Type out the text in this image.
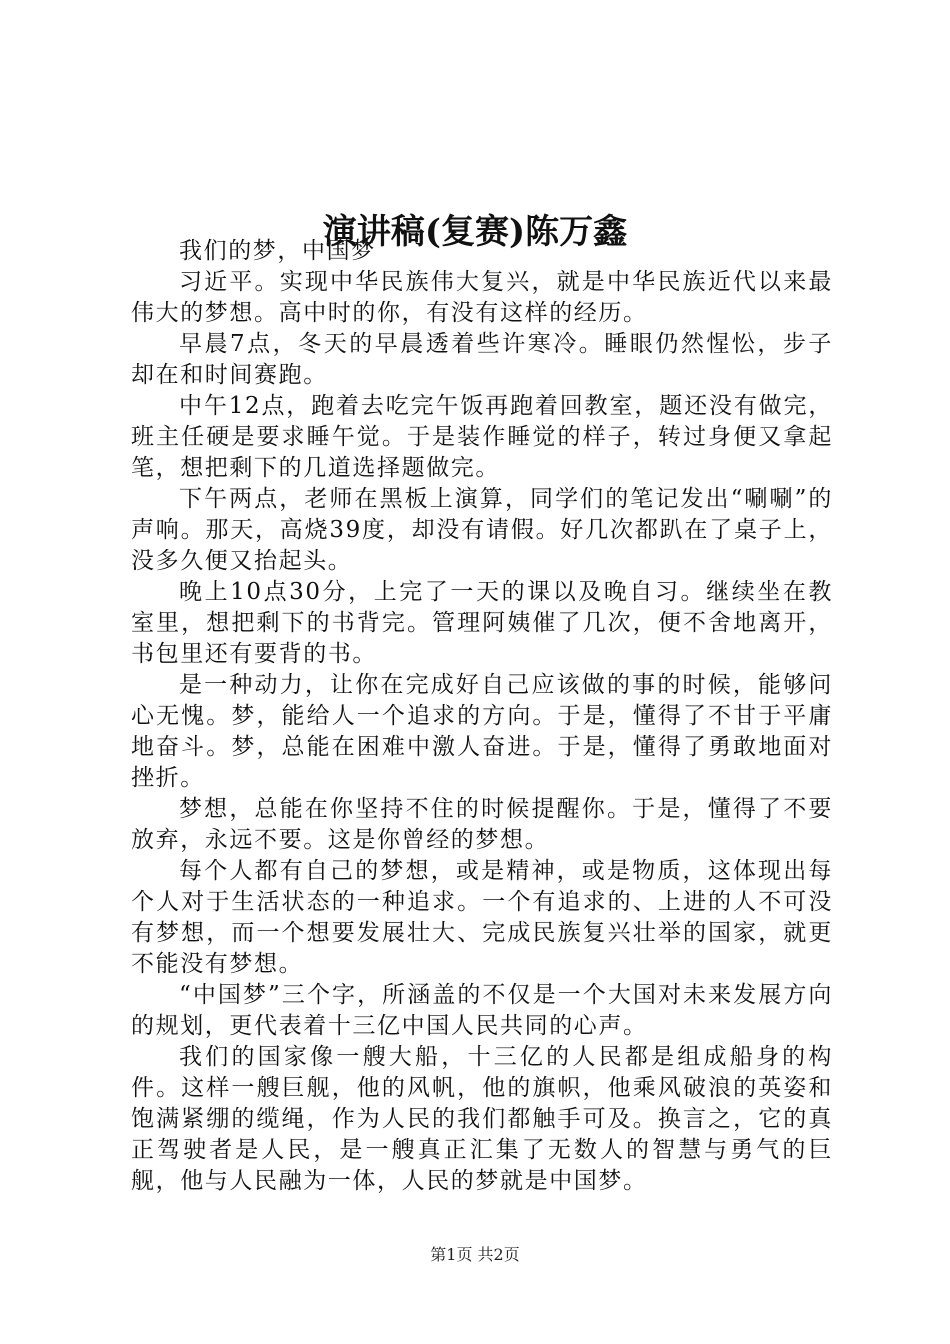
演讲稿(复赛)陈万鑫

我们的梦，中国梦

习近平。实现中华民族伟大复兴，就是中华民族近代以来最伟大的梦想。高中时的你，有没有这样的经历。

早晨7点，冬天的早晨透着些许寒冷。睡眼仍然惺忪，步子却在和时间赛跑。

中午12点，跑着去吃完午饭再跑着回教室，题还没有做完，班主任硬是要求睡午觉。于是装作睡觉的样子，转过身便又拿起笔，想把剩下的几道选择题做完。

下午两点，老师在黑板上演算，同学们的笔记发出“唰唰”的声响。那天，高烧39度，却没有请假。好几次都趴在了桌子上，没多久便又抬起头。

晚上10点30分，上完了一天的课以及晚自习。继续坐在教室里，想把剩下的书背完。管理阿姨催了几次，便不舍地离开，书包里还有要背的书。

是一种动力，让你在完成好自己应该做的事的时候，能够问心无愧。梦，能给人一个追求的方向。于是，懂得了不甘于平庸地奋斗。梦，总能在困难中激人奋进。于是，懂得了勇敢地面对挫折。

梦想，总能在你坚持不住的时候提醒你。于是，懂得了不要放弃，永远不要。这是你曾经的梦想。

每个人都有自己的梦想，或是精神，或是物质，这体现出每个人对于生活状态的一种追求。一个有追求的、上进的人不可没有梦想，而一个想要发展壮大、完成民族复兴壮举的国家，就更不能没有梦想。

“中国梦”三个字，所涵盖的不仅是一个大国对未来发展方向的规划，更代表着十三亿中国人民共同的心声。

我们的国家像一艘大船，十三亿的人民都是组成船身的构件。这样一艘巨舰，他的风帆，他的旗帜，他乘风破浪的英姿和饱满紧绷的缆绳，作为人民的我们都触手可及。换言之，它的真正驾驶者是人民，是一艘真正汇集了无数人的智慧与勇气的巨舰，他与人民融为一体，人民的梦就是中国梦。

第1页 共2页
